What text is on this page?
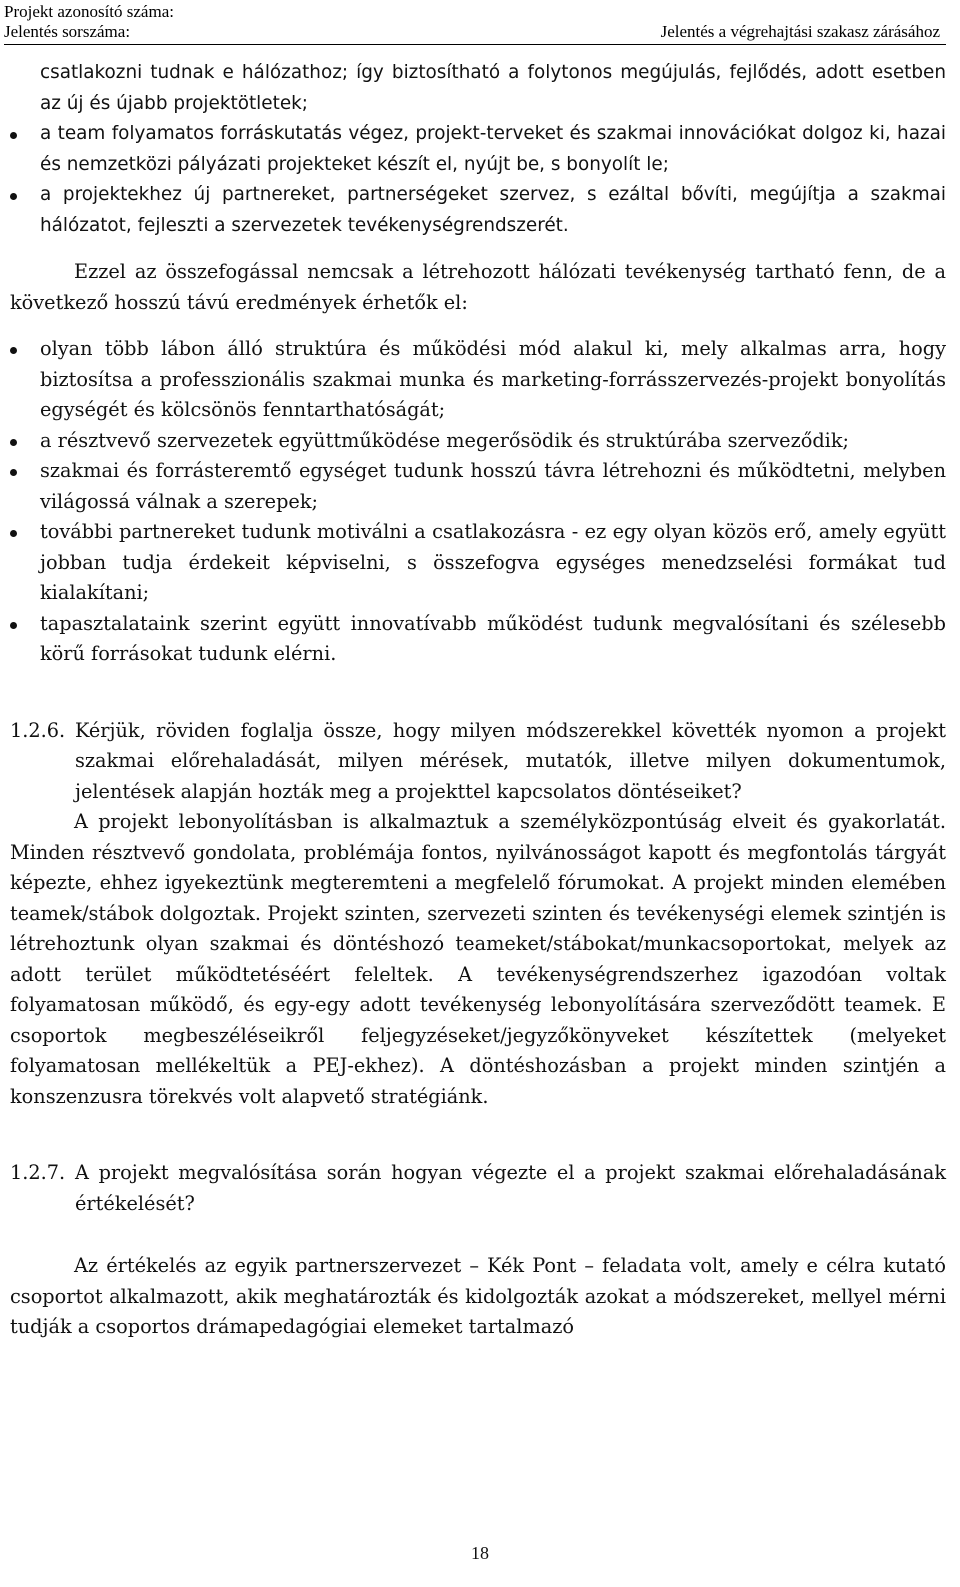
Projekt azonosító száma:
Jelentés sorszáma:	Jelentés a végrehajtási szakasz zárásához

csatlakozni tudnak e hálózathoz; így biztosítható a folytonos megújulás, fejlődés, adott esetben az új és újabb projektötletek;

a team folyamatos forráskutatás végez, projekt-terveket és szakmai innovációkat dolgoz ki, hazai és nemzetközi pályázati projekteket készít el, nyújt be, s bonyolít le;
a projektekhez új partnereket, partnerségeket szervez, s ezáltal bővíti, megújítja a szakmai hálózatot, fejleszti a szervezetek tevékenységrendszerét.

Ezzel az összefogással nemcsak a létrehozott hálózati tevékenység tartható fenn, de a következő hosszú távú eredmények érhetők el:

olyan több lábon álló struktúra és működési mód alakul ki, mely alkalmas arra, hogy biztosítsa a professzionális szakmai munka és marketing-forrásszervezés-projekt bonyolítás egységét és kölcsönös fenntarthatóságát;
a résztvevő szervezetek együttműködése megerősödik és struktúrába szerveződik;
szakmai és forrásteremtő egységet tudunk hosszú távra létrehozni és működtetni, melyben világossá válnak a szerepek;
további partnereket tudunk motiválni a csatlakozásra - ez egy olyan közös erő, amely együtt jobban tudja érdekeit képviselni, s összefogva egységes menedzselési formákat tud kialakítani;
tapasztalataink szerint együtt innovatívabb működést tudunk megvalósítani és szélesebb körű forrásokat tudunk elérni.
1.2.6. Kérjük, röviden foglalja össze, hogy milyen módszerekkel követték nyomon a projekt szakmai előrehaladását, milyen mérések, mutatók, illetve milyen dokumentumok, jelentések alapján hozták meg a projekttel kapcsolatos döntéseiket?

A projekt lebonyolításban is alkalmaztuk a személyközpontúság elveit és gyakorlatát. Minden résztvevő gondolata, problémája fontos, nyilvánosságot kapott és megfontolás tárgyát képezte, ehhez igyekeztünk megteremteni a megfelelő fórumokat. A projekt minden elemében teamek/stábok dolgoztak. Projekt szinten, szervezeti szinten és tevékenységi elemek szintjén is létrehoztunk olyan szakmai és döntéshozó teameket/stábokat/munkacsoportokat, melyek az adott terület működtetéséért feleltek. A tevékenységrendszerhez igazodóan voltak folyamatosan működő, és egy-egy adott tevékenység lebonyolítására szerveződött teamek. E csoportok megbeszéléseikről feljegyzéseket/jegyzőkönyveket készítettek (melyeket folyamatosan mellékeltük a PEJ-ekhez). A döntéshozásban a projekt minden szintjén a konszenzusra törekvés volt alapvető stratégiánk.

1.2.7. A projekt megvalósítása során hogyan végezte el a projekt szakmai előrehaladásának értékelését?

Az értékelés az egyik partnerszervezet – Kék Pont – feladata volt, amely e célra kutató csoportot alkalmazott, akik meghatározták és kidolgozták azokat a módszereket, mellyel mérni tudják a csoportos drámapedagógiai elemeket tartalmazó

18
